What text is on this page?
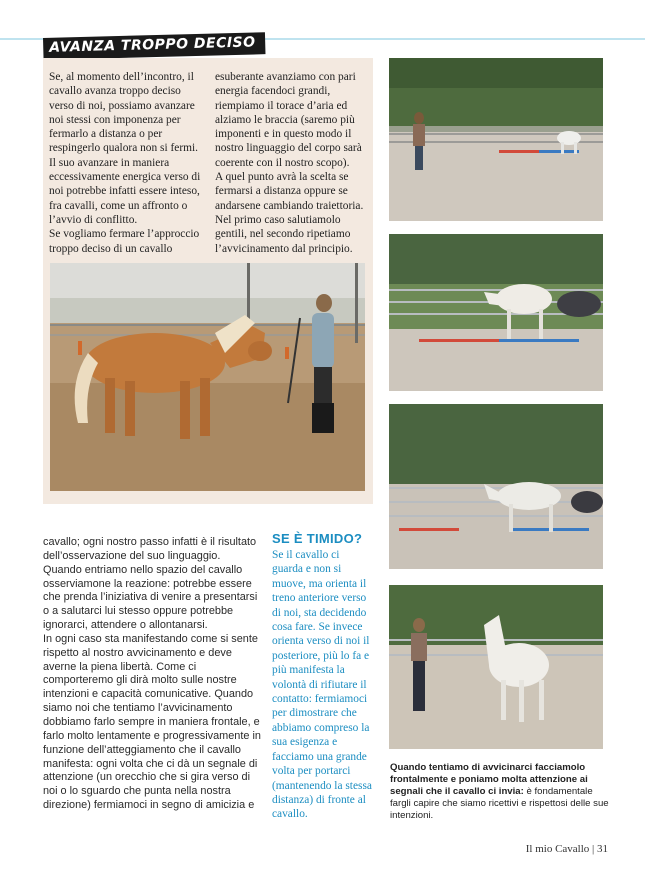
AVANZA TROPPO DECISO

Se, al momento dell’incontro, il cavallo avanza troppo deciso verso di noi, possiamo avanzare noi stessi con imponenza per fermarlo a distanza o per respingerlo qualora non si fermi.

Il suo avanzare in maniera eccessivamente energica verso di noi potrebbe infatti essere inteso, fra cavalli, come un affronto o l’avvio di conflitto.

Se vogliamo fermare l’approccio troppo deciso di un cavallo

esuberante avanziamo con pari energia facendoci grandi, riempiamo il torace d’aria ed alziamo le braccia (saremo più imponenti e in questo modo il nostro linguaggio del corpo sarà coerente con il nostro scopo).

A quel punto avrà la scelta se fermarsi a distanza oppure se andarsene cambiando traiettoria. Nel primo caso salutiamolo gentili, nel secondo ripetiamo l’avvicinamento dal principio.

cavallo; ogni nostro passo infatti è il risultato dell’osservazione del suo linguaggio.

Quando entriamo nello spazio del cavallo osserviamone la reazione: potrebbe essere che prenda l’iniziativa di venire a presentarsi o a salutarci lui stesso oppure potrebbe ignorarci, attendere o allontanarsi.

In ogni caso sta manifestando come si sente rispetto al nostro avvicinamento e deve averne la piena libertà. Come ci comporteremo gli dirà molto sulle nostre intenzioni e capacità comunicative. Quando siamo noi che tentiamo l’avvicinamento dobbiamo farlo sempre in maniera frontale, e farlo molto lentamente e progressivamente in funzione dell’atteggiamento che il cavallo manifesta: ogni volta che ci dà un segnale di attenzione (un orecchio che si gira verso di noi o lo sguardo che punta nella nostra direzione) fermiamoci in segno di amicizia e

SE È TIMIDO?

Se il cavallo ci guarda e non si muove, ma orienta il treno anteriore verso di noi, sta decidendo cosa fare. Se invece orienta verso di noi il posteriore, più lo fa e più manifesta la volontà di rifiutare il contatto: fermiamoci per dimostrare che abbiamo compreso la sua esigenza e facciamo una grande volta per portarci (mantenendo la stessa distanza) di fronte al cavallo.

Quando tentiamo di avvicinarci facciamolo frontalmente e poniamo molta attenzione ai segnali che il cavallo ci invia: è fondamentale fargli capire che siamo ricettivi e rispettosi delle sue intenzioni.
Il mio Cavallo | 31
